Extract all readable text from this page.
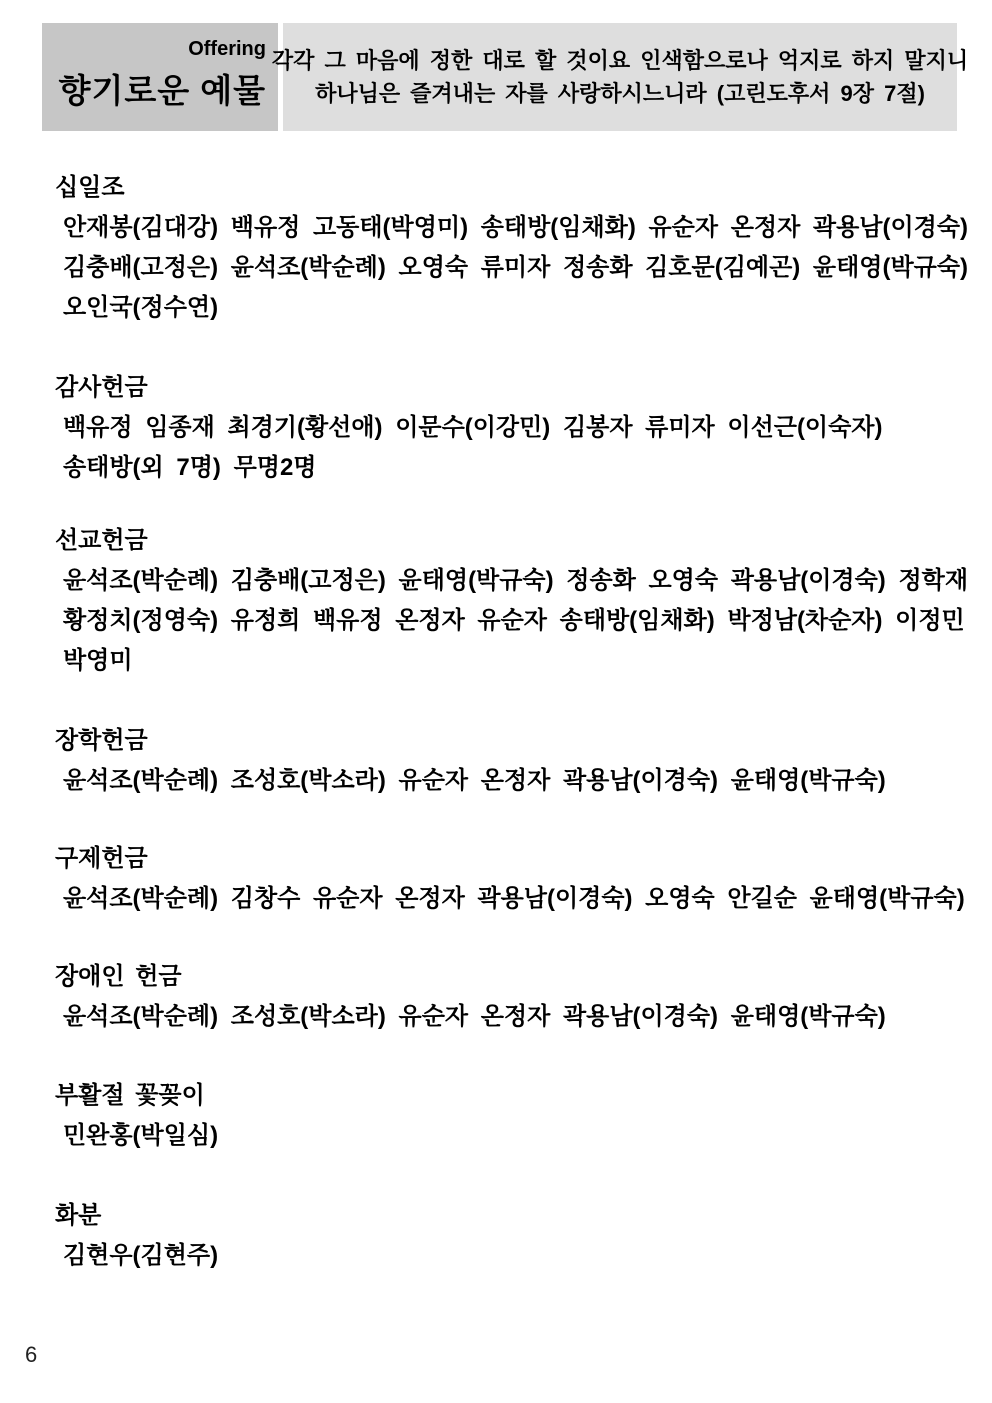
Offering
향기로운 예물
각각 그 마음에 정한 대로 할 것이요 인색함으로나 억지로 하지 말지니
하나님은 즐겨내는 자를 사랑하시느니라 (고린도후서 9장 7절)
십일조
안재봉(김대강) 백유정 고동태(박영미) 송태방(임채화) 유순자 온정자 곽용남(이경숙)
김충배(고정은) 윤석조(박순례) 오영숙 류미자 정송화 김호문(김예곤) 윤태영(박규숙)
오인국(정수연)
감사헌금
백유정 임종재 최경기(황선애) 이문수(이강민) 김봉자 류미자 이선근(이숙자)
송태방(외 7명) 무명2명
선교헌금
윤석조(박순례) 김충배(고정은) 윤태영(박규숙) 정송화 오영숙 곽용남(이경숙) 정학재
황정치(정영숙) 유정희 백유정 온정자 유순자 송태방(임채화) 박정남(차순자) 이정민
박영미
장학헌금
윤석조(박순례) 조성호(박소라) 유순자 온정자 곽용남(이경숙) 윤태영(박규숙)
구제헌금
윤석조(박순례) 김창수 유순자 온정자 곽용남(이경숙) 오영숙 안길순 윤태영(박규숙)
장애인 헌금
윤석조(박순례) 조성호(박소라) 유순자 온정자 곽용남(이경숙) 윤태영(박규숙)
부활절 꽃꽂이
민완홍(박일심)
화분
김현우(김현주)
6
